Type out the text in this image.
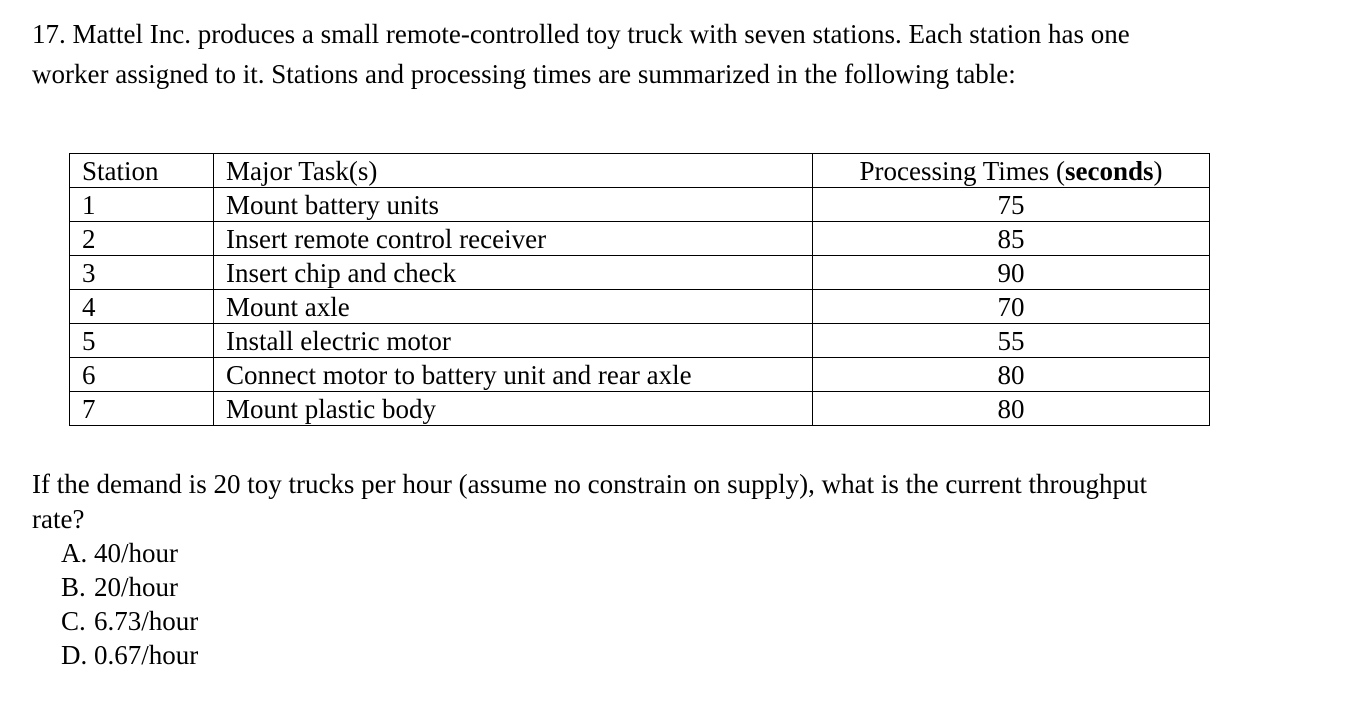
17. Mattel Inc. produces a small remote-controlled toy truck with seven stations. Each station has one
worker assigned to it. Stations and processing times are summarized in the following table:

Station	Major Task(s)	Processing Times (seconds)
1	Mount battery units	75
2	Insert remote control receiver	85
3	Insert chip and check	90
4	Mount axle	70
5	Install electric motor	55
6	Connect motor to battery unit and rear axle	80
7	Mount plastic body	80
If the demand is 20 toy trucks per hour (assume no constrain on supply), what is the current throughput
rate?
A. 40/hour
B. 20/hour
C. 6.73/hour
D. 0.67/hour
